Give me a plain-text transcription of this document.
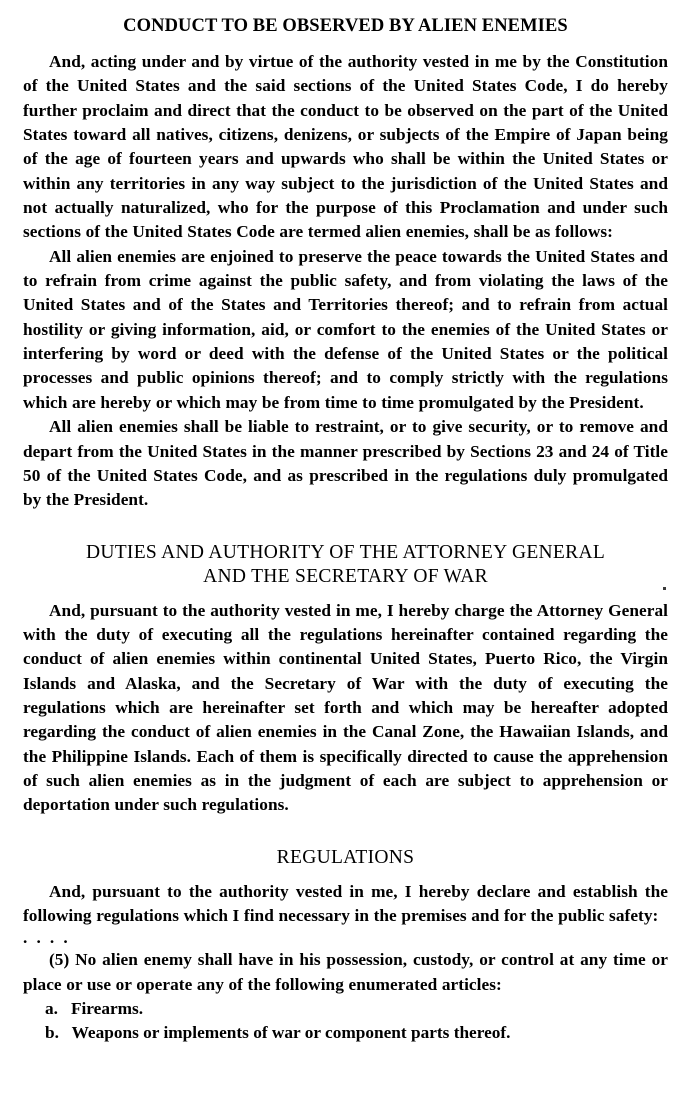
CONDUCT TO BE OBSERVED BY ALIEN ENEMIES

And, acting under and by virtue of the authority vested in me by the Constitution of the United States and the said sections of the United States Code, I do hereby further proclaim and direct that the conduct to be observed on the part of the United States toward all natives, citizens, denizens, or subjects of the Empire of Japan being of the age of fourteen years and upwards who shall be within the United States or within any territories in any way subject to the jurisdiction of the United States and not actually naturalized, who for the purpose of this Proclamation and under such sections of the United States Code are termed alien enemies, shall be as follows:

All alien enemies are enjoined to preserve the peace towards the United States and to refrain from crime against the public safety, and from violating the laws of the United States and of the States and Territories thereof; and to refrain from actual hostility or giving information, aid, or comfort to the enemies of the United States or interfering by word or deed with the defense of the United States or the political processes and public opinions thereof; and to comply strictly with the regulations which are hereby or which may be from time to time promulgated by the President.

All alien enemies shall be liable to restraint, or to give security, or to remove and depart from the United States in the manner prescribed by Sections 23 and 24 of Title 50 of the United States Code, and as prescribed in the regulations duly promulgated by the President.

DUTIES AND AUTHORITY OF THE ATTORNEY GENERAL
AND THE SECRETARY OF WAR

And, pursuant to the authority vested in me, I hereby charge the Attorney General with the duty of executing all the regulations hereinafter contained regarding the conduct of alien enemies within continental United States, Puerto Rico, the Virgin Islands and Alaska, and the Secretary of War with the duty of executing the regulations which are hereinafter set forth and which may be hereafter adopted regarding the conduct of alien enemies in the Canal Zone, the Hawaiian Islands, and the Philippine Islands. Each of them is specifically directed to cause the apprehension of such alien enemies as in the judgment of each are subject to apprehension or deportation under such regulations.

REGULATIONS

And, pursuant to the authority vested in me, I hereby declare and establish the following regulations which I find necessary in the premises and for the public safety:

. . . .

(5) No alien enemy shall have in his possession, custody, or control at any time or place or use or operate any of the following enumerated articles:

a. Firearms.

b. Weapons or implements of war or component parts thereof.
